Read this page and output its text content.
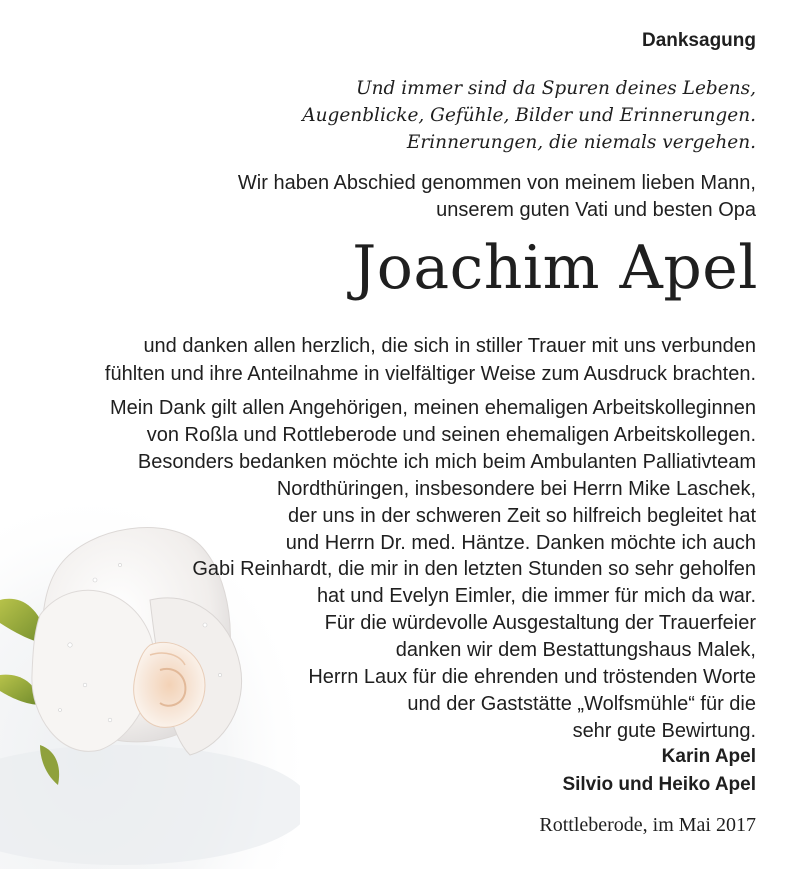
Danksagung
Und immer sind da Spuren deines Lebens,
Augenblicke, Gefühle, Bilder und Erinnerungen.
Erinnerungen, die niemals vergehen.
Wir haben Abschied genommen von meinem lieben Mann,
unserem guten Vati und besten Opa
Joachim Apel
und danken allen herzlich, die sich in stiller Trauer mit uns verbunden
fühlten und ihre Anteilnahme in vielfältiger Weise zum Ausdruck brachten.
Mein Dank gilt allen Angehörigen, meinen ehemaligen Arbeitskolleginnen
von Roßla und Rottleberode und seinen ehemaligen Arbeitskollegen.
Besonders bedanken möchte ich mich beim Ambulanten Palliativteam
Nordthüringen, insbesondere bei Herrn Mike Laschek,
der uns in der schweren Zeit so hilfreich begleitet hat
und Herrn Dr. med. Häntze. Danken möchte ich auch
Gabi Reinhardt, die mir in den letzten Stunden so sehr geholfen
hat und Evelyn Eimler, die immer für mich da war.
Für die würdevolle Ausgestaltung der Trauerfeier
danken wir dem Bestattungshaus Malek,
Herrn Laux für die ehrenden und tröstenden Worte
und der Gaststätte „Wolfsmühle“ für die
sehr gute Bewirtung.
Karin Apel
Silvio und Heiko Apel
Rottleberode, im Mai 2017
